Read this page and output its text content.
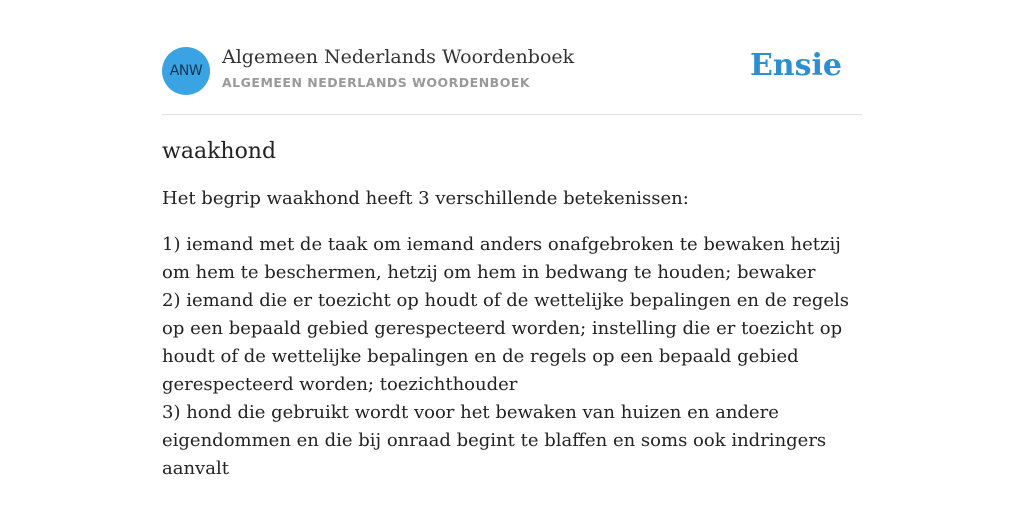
ANW
Algemeen Nederlands Woordenboek
ALGEMEEN NEDERLANDS WOORDENBOEK	Ensie
waakhond
Het begrip waakhond heeft 3 verschillende betekenissen:
1) iemand met de taak om iemand anders onafgebroken te bewaken hetzij om hem te beschermen, hetzij om hem in bedwang te houden; bewaker
2) iemand die er toezicht op houdt of de wettelijke bepalingen en de regels op een bepaald gebied gerespecteerd worden; instelling die er toezicht op houdt of de wettelijke bepalingen en de regels op een bepaald gebied gerespecteerd worden; toezichthouder
3) hond die gebruikt wordt voor het bewaken van huizen en andere eigendommen en die bij onraad begint te blaffen en soms ook indringers aanvalt
